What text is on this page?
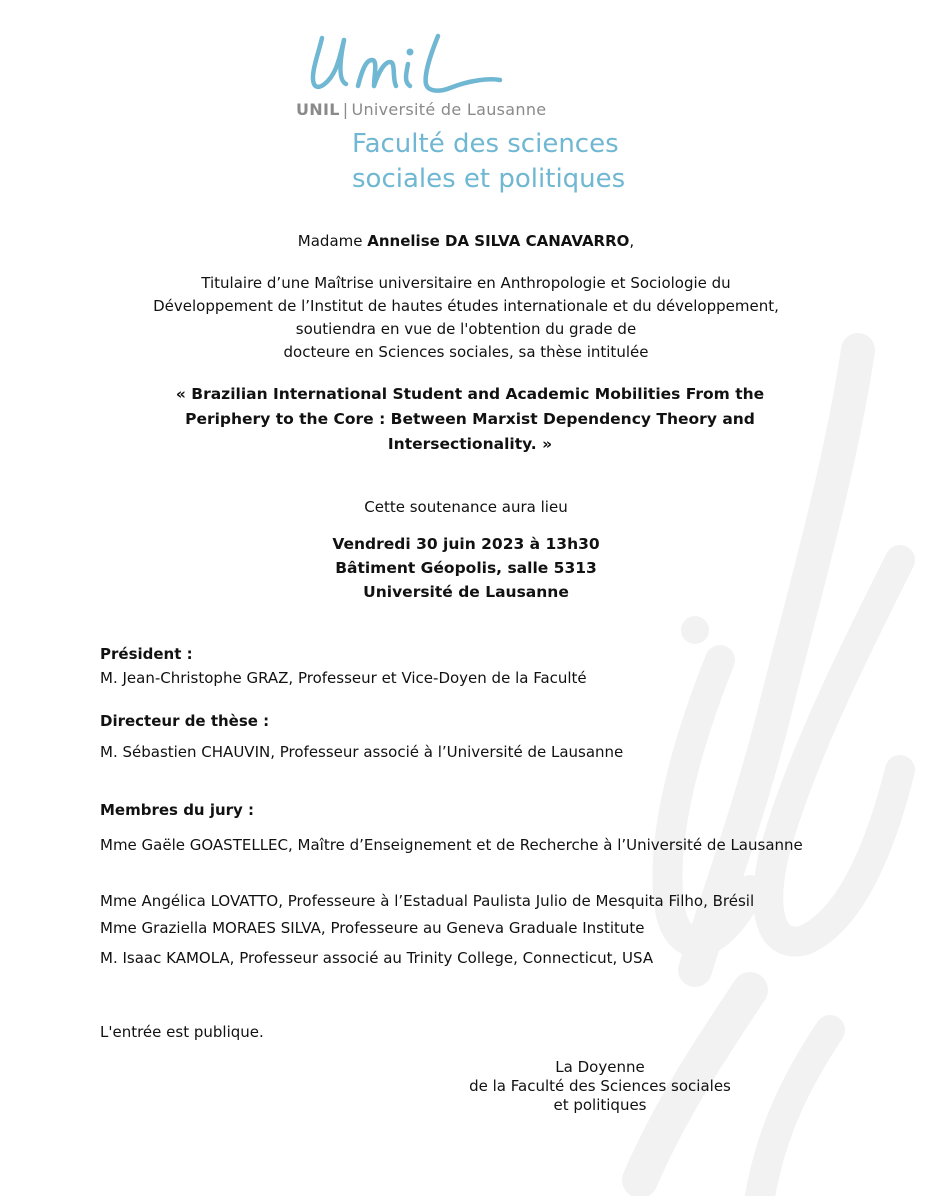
UNIL | Université de Lausanne
Faculté des sciences
sociales et politiques
Madame Annelise DA SILVA CANAVARRO,
Titulaire d’une Maîtrise universitaire en Anthropologie et Sociologie du
Développement de l’Institut de hautes études internationale et du développement,
soutiendra en vue de l'obtention du grade de
docteure en Sciences sociales, sa thèse intitulée
« Brazilian International Student and Academic Mobilities From the
Periphery to the Core : Between Marxist Dependency Theory and
Intersectionality. »
Cette soutenance aura lieu
Vendredi 30 juin 2023 à 13h30
Bâtiment Géopolis, salle 5313
Université de Lausanne
Président :
M. Jean-Christophe GRAZ, Professeur et Vice-Doyen de la Faculté
Directeur de thèse :
M. Sébastien CHAUVIN, Professeur associé à l’Université de Lausanne
Membres du jury :
Mme Gaële GOASTELLEC, Maître d’Enseignement et de Recherche à l’Université de Lausanne
Mme Angélica LOVATTO, Professeure à l’Estadual Paulista Julio de Mesquita Filho, Brésil
Mme Graziella MORAES SILVA, Professeure au Geneva Graduale Institute
M. Isaac KAMOLA, Professeur associé au Trinity College, Connecticut, USA
L'entrée est publique.
La Doyenne
de la Faculté des Sciences sociales
et politiques
